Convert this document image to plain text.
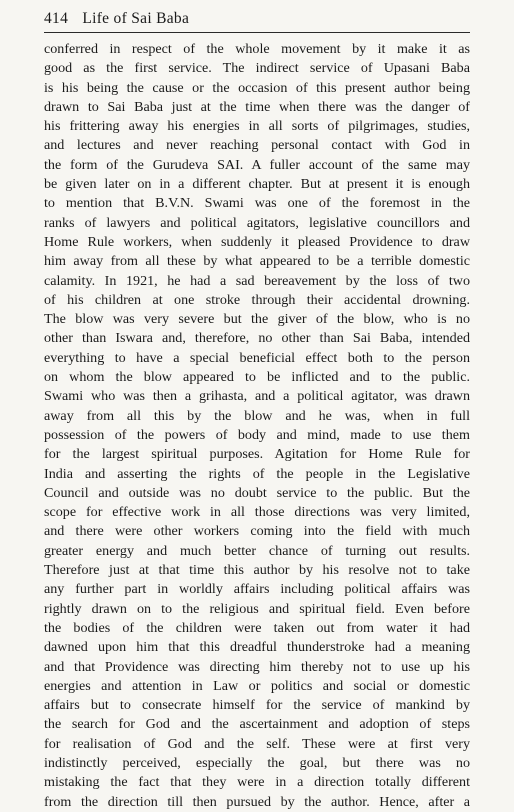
414 Life of Sai Baba
conferred in respect of the whole movement by it make it as
good as the first service. The indirect service of Upasani Baba
is his being the cause or the occasion of this present author being
drawn to Sai Baba just at the time when there was the danger of
his frittering away his energies in all sorts of pilgrimages, studies,
and lectures and never reaching personal contact with God in
the form of the Gurudeva SAI. A fuller account of the same may
be given later on in a different chapter. But at present it is enough
to mention that B.V.N. Swami was one of the foremost in the
ranks of lawyers and political agitators, legislative councillors and
Home Rule workers, when suddenly it pleased Providence to draw
him away from all these by what appeared to be a terrible domestic
calamity. In 1921, he had a sad bereavement by the loss of two
of his children at one stroke through their accidental drowning.
The blow was very severe but the giver of the blow, who is no
other than Iswara and, therefore, no other than Sai Baba, intended
everything to have a special beneficial effect both to the person
on whom the blow appeared to be inflicted and to the public.
Swami who was then a grihasta, and a political agitator, was drawn
away from all this by the blow and he was, when in full
possession of the powers of body and mind, made to use them
for the largest spiritual purposes. Agitation for Home Rule for
India and asserting the rights of the people in the Legislative
Council and outside was no doubt service to the public. But the
scope for effective work in all those directions was very limited,
and there were other workers coming into the field with much
greater energy and much better chance of turning out results.
Therefore just at that time this author by his resolve not to take
any further part in worldly affairs including political affairs was
rightly drawn on to the religious and spiritual field. Even before
the bodies of the children were taken out from water it had
dawned upon him that this dreadful thunderstroke had a meaning
and that Providence was directing him thereby not to use up his
energies and attention in Law or politics and social or domestic
affairs but to consecrate himself for the service of mankind by
the search for God and the ascertainment and adoption of steps
for realisation of God and the self. These were at first very
indistinctly perceived, especially the goal, but there was no
mistaking the fact that they were in a direction totally different
from the direction till then pursued by the author. Hence, after a
